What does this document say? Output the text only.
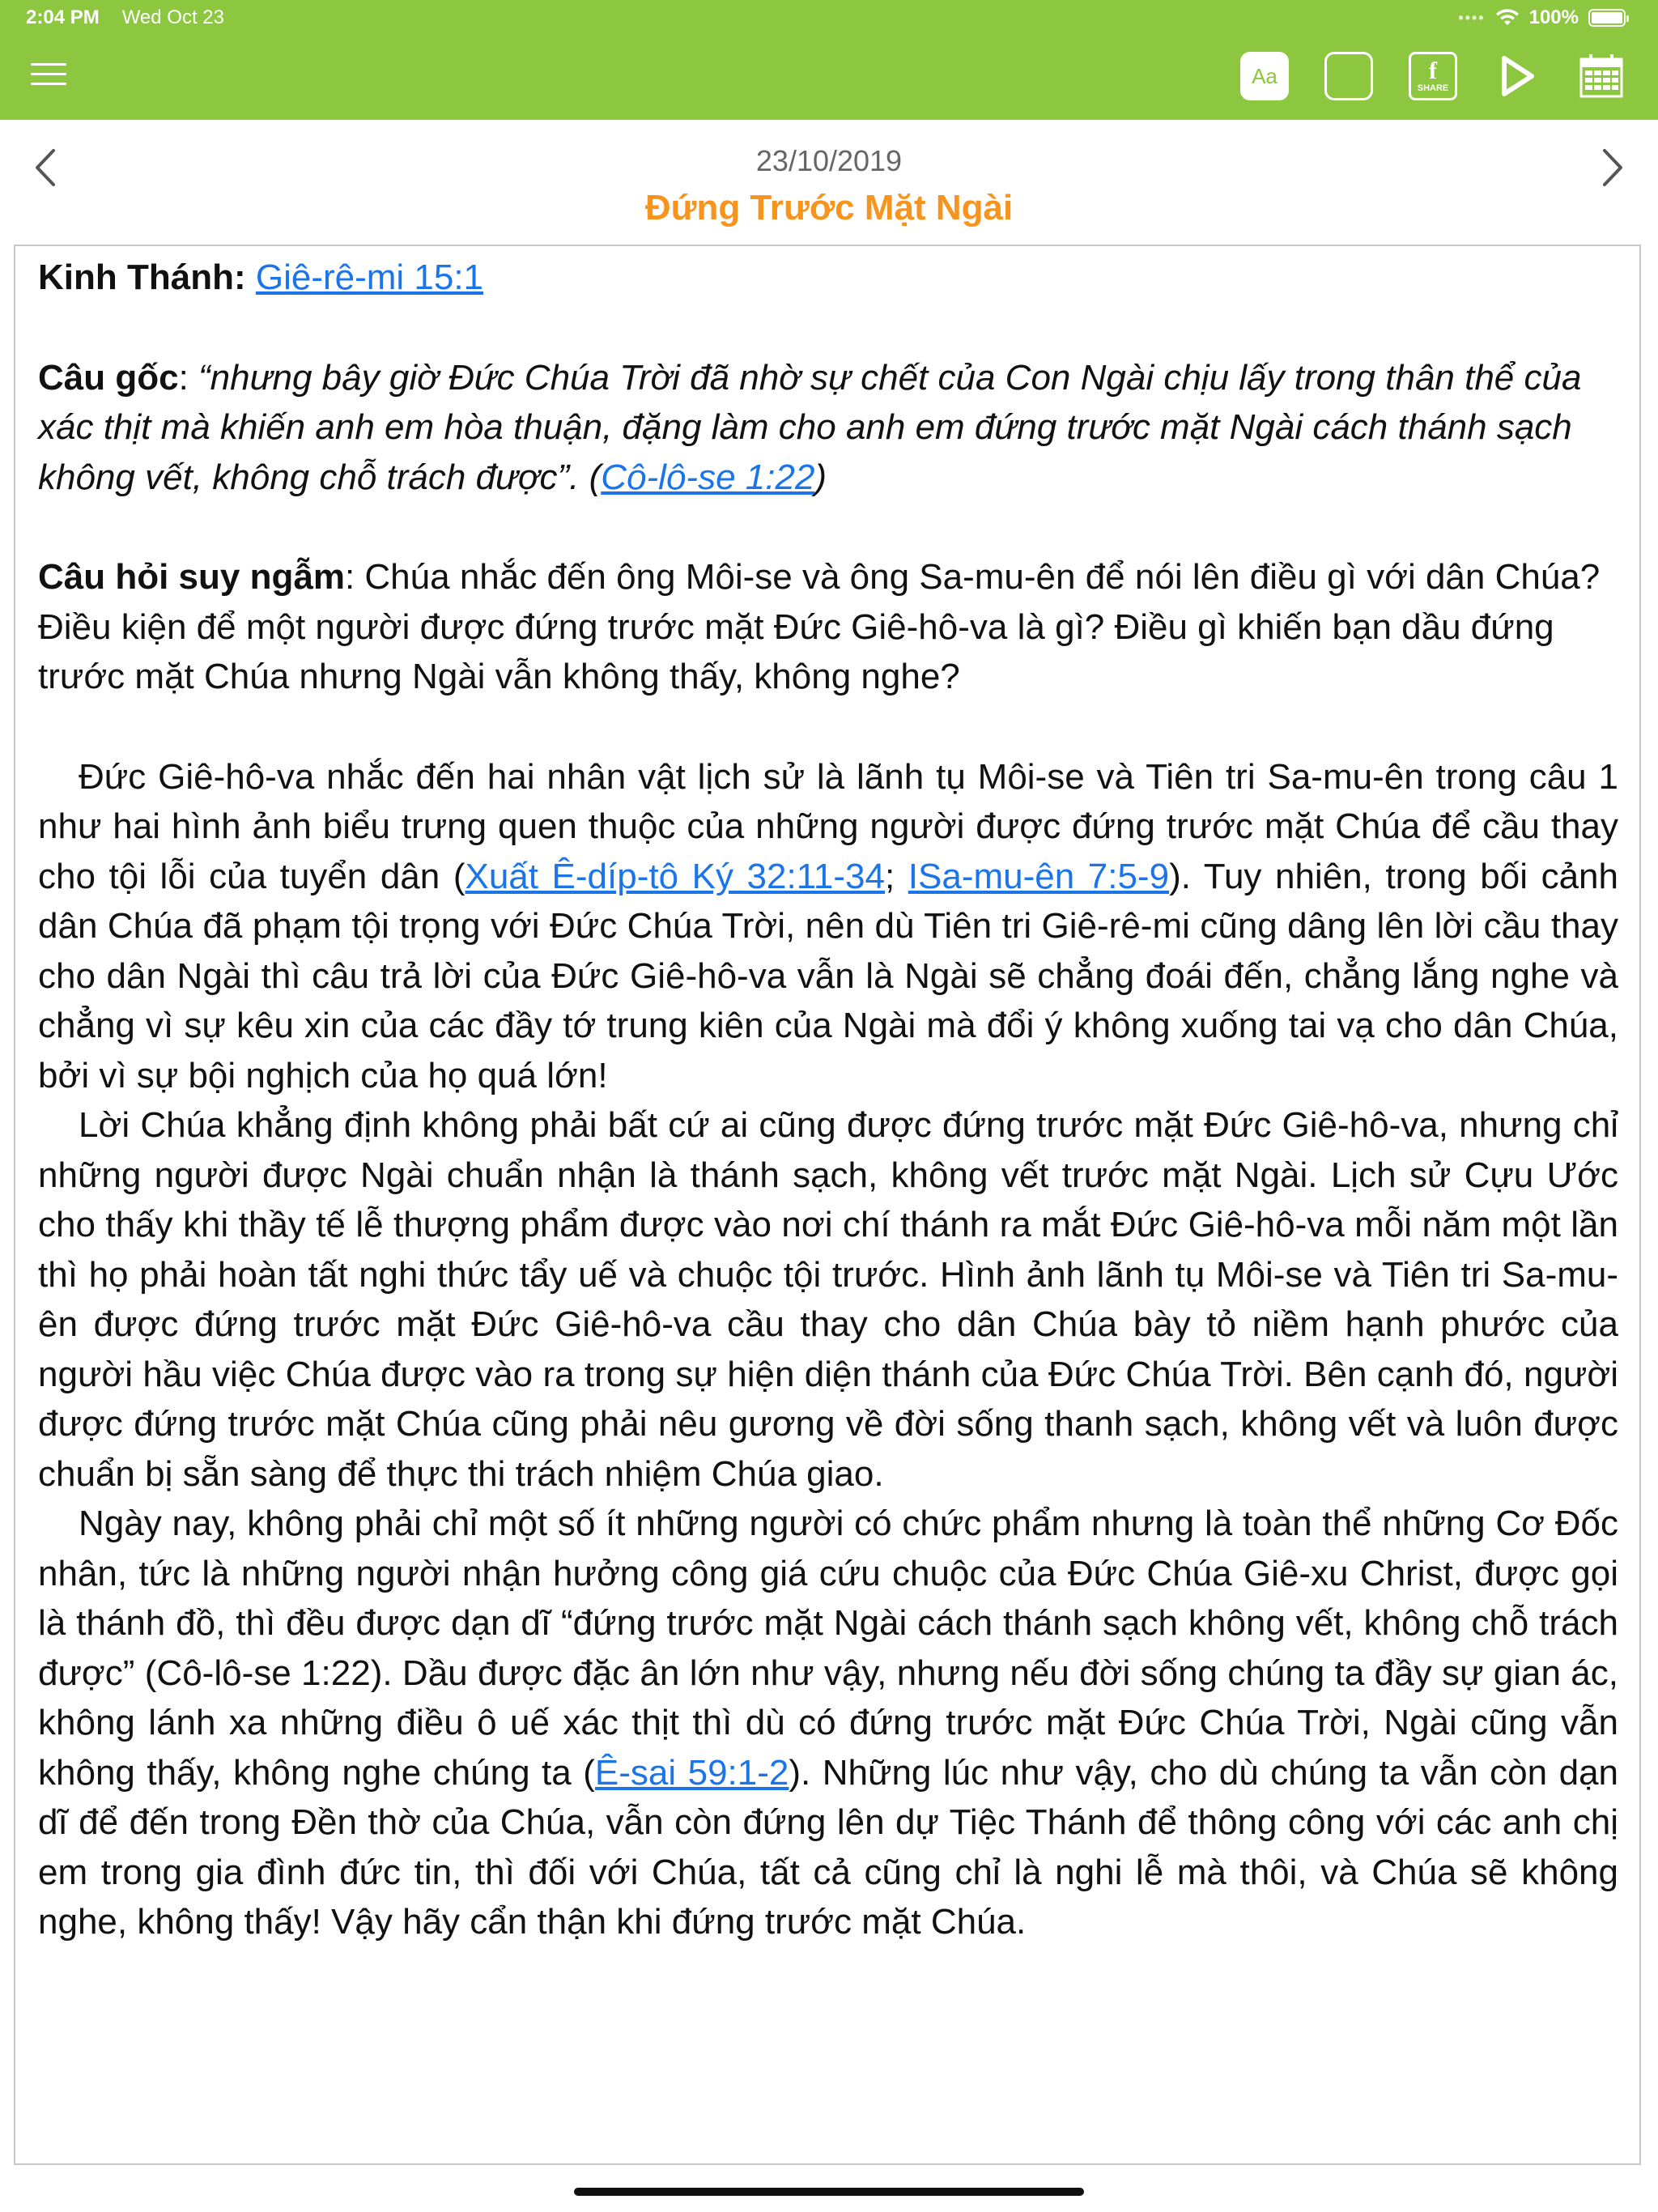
2:04 PM Wed Oct 23	•••• 100%
Aa	f
SHARE
23/10/2019
Đứng Trước Mặt Ngài

Kinh Thánh: Giê-rê-mi 15:1

Câu gốc: “nhưng bây giờ Đức Chúa Trời đã nhờ sự chết của Con Ngài chịu lấy trong thân thể của xác thịt mà khiến anh em hòa thuận, đặng làm cho anh em đứng trước mặt Ngài cách thánh sạch không vết, không chỗ trách được”. (Cô-lô-se 1:22)

Câu hỏi suy ngẫm: Chúa nhắc đến ông Môi-se và ông Sa-mu-ên để nói lên điều gì với dân Chúa? Điều kiện để một người được đứng trước mặt Đức Giê-hô-va là gì? Điều gì khiến bạn dầu đứng trước mặt Chúa nhưng Ngài vẫn không thấy, không nghe?

Đức Giê-hô-va nhắc đến hai nhân vật lịch sử là lãnh tụ Môi-se và Tiên tri Sa-mu-ên trong câu 1 như hai hình ảnh biểu trưng quen thuộc của những người được đứng trước mặt Chúa để cầu thay cho tội lỗi của tuyển dân (Xuất Ê-díp-tô Ký 32:11-34; ISa-mu-ên 7:5-9). Tuy nhiên, trong bối cảnh dân Chúa đã phạm tội trọng với Đức Chúa Trời, nên dù Tiên tri Giê-rê-mi cũng dâng lên lời cầu thay cho dân Ngài thì câu trả lời của Đức Giê-hô-va vẫn là Ngài sẽ chẳng đoái đến, chẳng lắng nghe và chẳng vì sự kêu xin của các đầy tớ trung kiên của Ngài mà đổi ý không xuống tai vạ cho dân Chúa, bởi vì sự bội nghịch của họ quá lớn!

Lời Chúa khẳng định không phải bất cứ ai cũng được đứng trước mặt Đức Giê-hô-va, nhưng chỉ những người được Ngài chuẩn nhận là thánh sạch, không vết trước mặt Ngài. Lịch sử Cựu Ước cho thấy khi thầy tế lễ thượng phẩm được vào nơi chí thánh ra mắt Đức Giê-hô-va mỗi năm một lần thì họ phải hoàn tất nghi thức tẩy uế và chuộc tội trước. Hình ảnh lãnh tụ Môi-se và Tiên tri Sa-mu-ên được đứng trước mặt Đức Giê-hô-va cầu thay cho dân Chúa bày tỏ niềm hạnh phước của người hầu việc Chúa được vào ra trong sự hiện diện thánh của Đức Chúa Trời. Bên cạnh đó, người được đứng trước mặt Chúa cũng phải nêu gương về đời sống thanh sạch, không vết và luôn được chuẩn bị sẵn sàng để thực thi trách nhiệm Chúa giao.

Ngày nay, không phải chỉ một số ít những người có chức phẩm nhưng là toàn thể những Cơ Đốc nhân, tức là những người nhận hưởng công giá cứu chuộc của Đức Chúa Giê-xu Christ, được gọi là thánh đồ, thì đều được dạn dĩ “đứng trước mặt Ngài cách thánh sạch không vết, không chỗ trách được” (Cô-lô-se 1:22). Dầu được đặc ân lớn như vậy, nhưng nếu đời sống chúng ta đầy sự gian ác, không lánh xa những điều ô uế xác thịt thì dù có đứng trước mặt Đức Chúa Trời, Ngài cũng vẫn không thấy, không nghe chúng ta (Ê-sai 59:1-2). Những lúc như vậy, cho dù chúng ta vẫn còn dạn dĩ để đến trong Đền thờ của Chúa, vẫn còn đứng lên dự Tiệc Thánh để thông công với các anh chị em trong gia đình đức tin, thì đối với Chúa, tất cả cũng chỉ là nghi lễ mà thôi, và Chúa sẽ không nghe, không thấy! Vậy hãy cẩn thận khi đứng trước mặt Chúa.
